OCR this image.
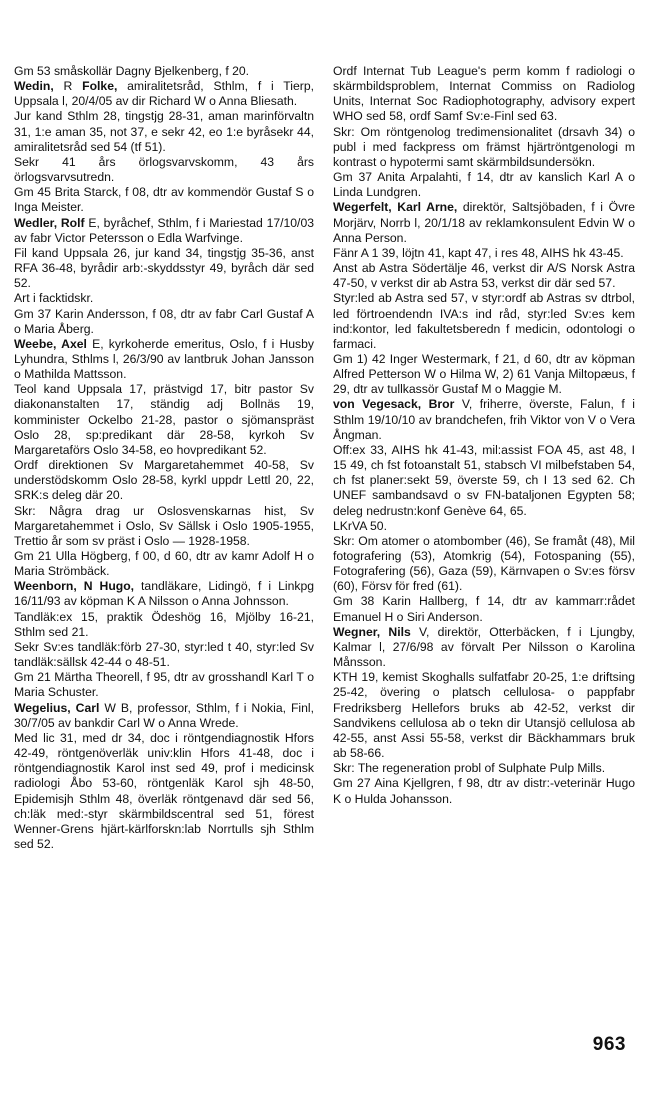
Gm 53 småskollär Dagny Bjelkenberg, f 20.

Wedin, R Folke, amiralitetsråd, Sthlm, f i Tierp, Uppsala l, 20/4/05 av dir Richard W o Anna Bliesath.

Jur kand Sthlm 28, tingstjg 28-31, aman marinförvaltn 31, 1:e aman 35, not 37, e sekr 42, eo 1:e byråsekr 44, amiralitetsråd sed 54 (tf 51).

Sekr 41 års örlogsvarvskomm, 43 års örlogsvarvsutredn.

Gm 45 Brita Starck, f 08, dtr av kommendör Gustaf S o Inga Meister.

Wedler, Rolf E, byråchef, Sthlm, f i Mariestad 17/10/03 av fabr Victor Petersson o Edla Warfvinge.

Fil kand Uppsala 26, jur kand 34, tingstjg 35-36, anst RFA 36-48, byrådir arb:-skyddsstyr 49, byråch där sed 52.

Art i facktidskr.

Gm 37 Karin Andersson, f 08, dtr av fabr Carl Gustaf A o Maria Åberg.

Weebe, Axel E, kyrkoherde emeritus, Oslo, f i Husby Lyhundra, Sthlms l, 26/3/90 av lantbruk Johan Jansson o Mathilda Mattsson.

Teol kand Uppsala 17, prästvigd 17, bitr pastor Sv diakonanstalten 17, ständig adj Bollnäs 19, komminister Ockelbo 21-28, pastor o sjömanspräst Oslo 28, sp:predikant där 28-58, kyrkoh Sv Margaretaförs Oslo 34-58, eo hovpredikant 52.

Ordf direktionen Sv Margaretahemmet 40-58, Sv understödskomm Oslo 28-58, kyrkl uppdr Lettl 20, 22, SRK:s deleg där 20.

Skr: Några drag ur Oslosvenskarnas hist, Sv Margaretahemmet i Oslo, Sv Sällsk i Oslo 1905-1955, Trettio år som sv präst i Oslo — 1928-1958.

Gm 21 Ulla Högberg, f 00, d 60, dtr av kamr Adolf H o Maria Strömbäck.

Weenborn, N Hugo, tandläkare, Lidingö, f i Linkpg 16/11/93 av köpman K A Nilsson o Anna Johnsson.

Tandläk:ex 15, praktik Ödeshög 16, Mjölby 16-21, Sthlm sed 21.

Sekr Sv:es tandläk:förb 27-30, styr:led t 40, styr:led Sv tandläk:sällsk 42-44 o 48-51.

Gm 21 Märtha Theorell, f 95, dtr av grosshandl Karl T o Maria Schuster.

Wegelius, Carl W B, professor, Sthlm, f i Nokia, Finl, 30/7/05 av bankdir Carl W o Anna Wrede.

Med lic 31, med dr 34, doc i röntgendiagnostik Hfors 42-49, röntgenöverläk univ:klin Hfors 41-48, doc i röntgendiagnostik Karol inst sed 49, prof i medicinsk radiologi Åbo 53-60, röntgenläk Karol sjh 48-50, Epidemisjh Sthlm 48, överläk röntgenavd där sed 56, ch:läk med:-styr skärmbildscentral sed 51, förest Wenner-Grens hjärt-kärlforskn:lab Norrtulls sjh Sthlm sed 52.

Ordf Internat Tub League's perm komm f radiologi o skärmbildsproblem, Internat Commiss on Radiolog Units, Internat Soc Radiophotography, advisory expert WHO sed 58, ordf Samf Sv:e-Finl sed 63.

Skr: Om röntgenolog tredimensionalitet (drsavh 34) o publ i med fackpress om främst hjärtröntgenologi m kontrast o hypotermi samt skärmbildsundersökn.

Gm 37 Anita Arpalahti, f 14, dtr av kanslich Karl A o Linda Lundgren.

Wegerfelt, Karl Arne, direktör, Saltsjöbaden, f i Övre Morjärv, Norrb l, 20/1/18 av reklamkonsulent Edvin W o Anna Person.

Fänr A 1 39, löjtn 41, kapt 47, i res 48, AIHS hk 43-45.

Anst ab Astra Södertälje 46, verkst dir A/S Norsk Astra 47-50, v verkst dir ab Astra 53, verkst dir där sed 57.

Styr:led ab Astra sed 57, v styr:ordf ab Astras sv dtrbol, led förtroendendn IVA:s ind råd, styr:led Sv:es kem ind:kontor, led fakultetsberedn f medicin, odontologi o farmaci.

Gm 1) 42 Inger Westermark, f 21, d 60, dtr av köpman Alfred Petterson W o Hilma W, 2) 61 Vanja Miltopæus, f 29, dtr av tullkassör Gustaf M o Maggie M.

von Vegesack, Bror V, friherre, överste, Falun, f i Sthlm 19/10/10 av brandchefen, frih Viktor von V o Vera Ångman.

Off:ex 33, AIHS hk 41-43, mil:assist FOA 45, ast 48, I 15 49, ch fst fotoanstalt 51, stabsch VI milbefstaben 54, ch fst planer:sekt 59, överste 59, ch I 13 sed 62. Ch UNEF sambandsavd o sv FN-bataljonen Egypten 58; deleg nedrustn:konf Genève 64, 65.

LKrVA 50.

Skr: Om atomer o atombomber (46), Se framåt (48), Mil fotografering (53), Atomkrig (54), Fotospaning (55), Fotografering (56), Gaza (59), Kärnvapen o Sv:es försv (60), Försv för fred (61).

Gm 38 Karin Hallberg, f 14, dtr av kammarr:rådet Emanuel H o Siri Anderson.

Wegner, Nils V, direktör, Otterbäcken, f i Ljungby, Kalmar l, 27/6/98 av förvalt Per Nilsson o Karolina Månsson.

KTH 19, kemist Skoghalls sulfatfabr 20-25, 1:e driftsing 25-42, övering o platsch cellulosa- o pappfabr Fredriksberg Hellefors bruks ab 42-52, verkst dir Sandvikens cellulosa ab o tekn dir Utansjö cellulosa ab 42-55, anst Assi 55-58, verkst dir Bäckhammars bruk ab 58-66.

Skr: The regeneration probl of Sulphate Pulp Mills.

Gm 27 Aina Kjellgren, f 98, dtr av distr:-veterinär Hugo K o Hulda Johansson.

963
